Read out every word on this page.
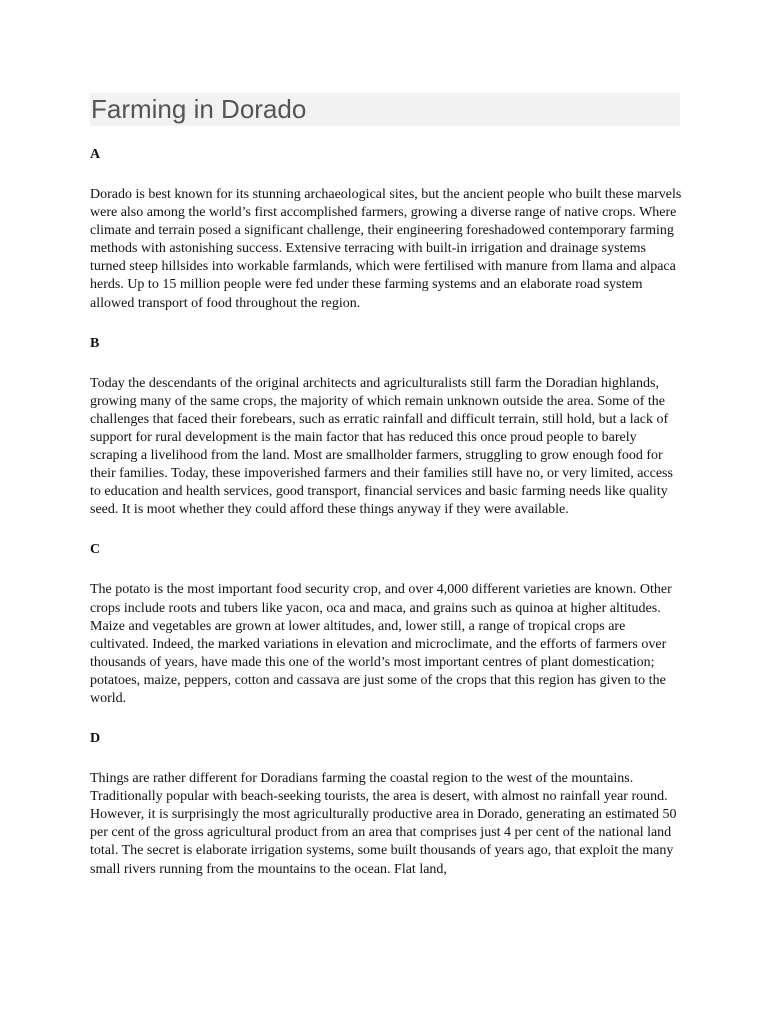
Farming in Dorado

A

Dorado is best known for its stunning archaeological sites, but the ancient people who built these marvels were also among the world’s first accomplished farmers, growing a diverse range of native crops. Where climate and terrain posed a significant challenge, their engineering foreshadowed contemporary farming methods with astonishing success. Extensive terracing with built-in irrigation and drainage systems turned steep hillsides into workable farmlands, which were fertilised with manure from llama and alpaca herds. Up to 15 million people were fed under these farming systems and an elaborate road system allowed transport of food throughout the region.

B

Today the descendants of the original architects and agriculturalists still farm the Doradian highlands, growing many of the same crops, the majority of which remain unknown outside the area. Some of the challenges that faced their forebears, such as erratic rainfall and difficult terrain, still hold, but a lack of support for rural development is the main factor that has reduced this once proud people to barely scraping a livelihood from the land. Most are smallholder farmers, struggling to grow enough food for their families. Today, these impoverished farmers and their families still have no, or very limited, access to education and health services, good transport, financial services and basic farming needs like quality seed. It is moot whether they could afford these things anyway if they were available.

C

The potato is the most important food security crop, and over 4,000 different varieties are known. Other crops include roots and tubers like yacon, oca and maca, and grains such as quinoa at higher altitudes. Maize and vegetables are grown at lower altitudes, and, lower still, a range of tropical crops are cultivated. Indeed, the marked variations in elevation and microclimate, and the efforts of farmers over thousands of years, have made this one of the world’s most important centres of plant domestication; potatoes, maize, peppers, cotton and cassava are just some of the crops that this region has given to the world.

D

Things are rather different for Doradians farming the coastal region to the west of the mountains. Traditionally popular with beach-seeking tourists, the area is desert, with almost no rainfall year round. However, it is surprisingly the most agriculturally productive area in Dorado, generating an estimated 50 per cent of the gross agricultural product from an area that comprises just 4 per cent of the national land total. The secret is elaborate irrigation systems, some built thousands of years ago, that exploit the many small rivers running from the mountains to the ocean. Flat land,
